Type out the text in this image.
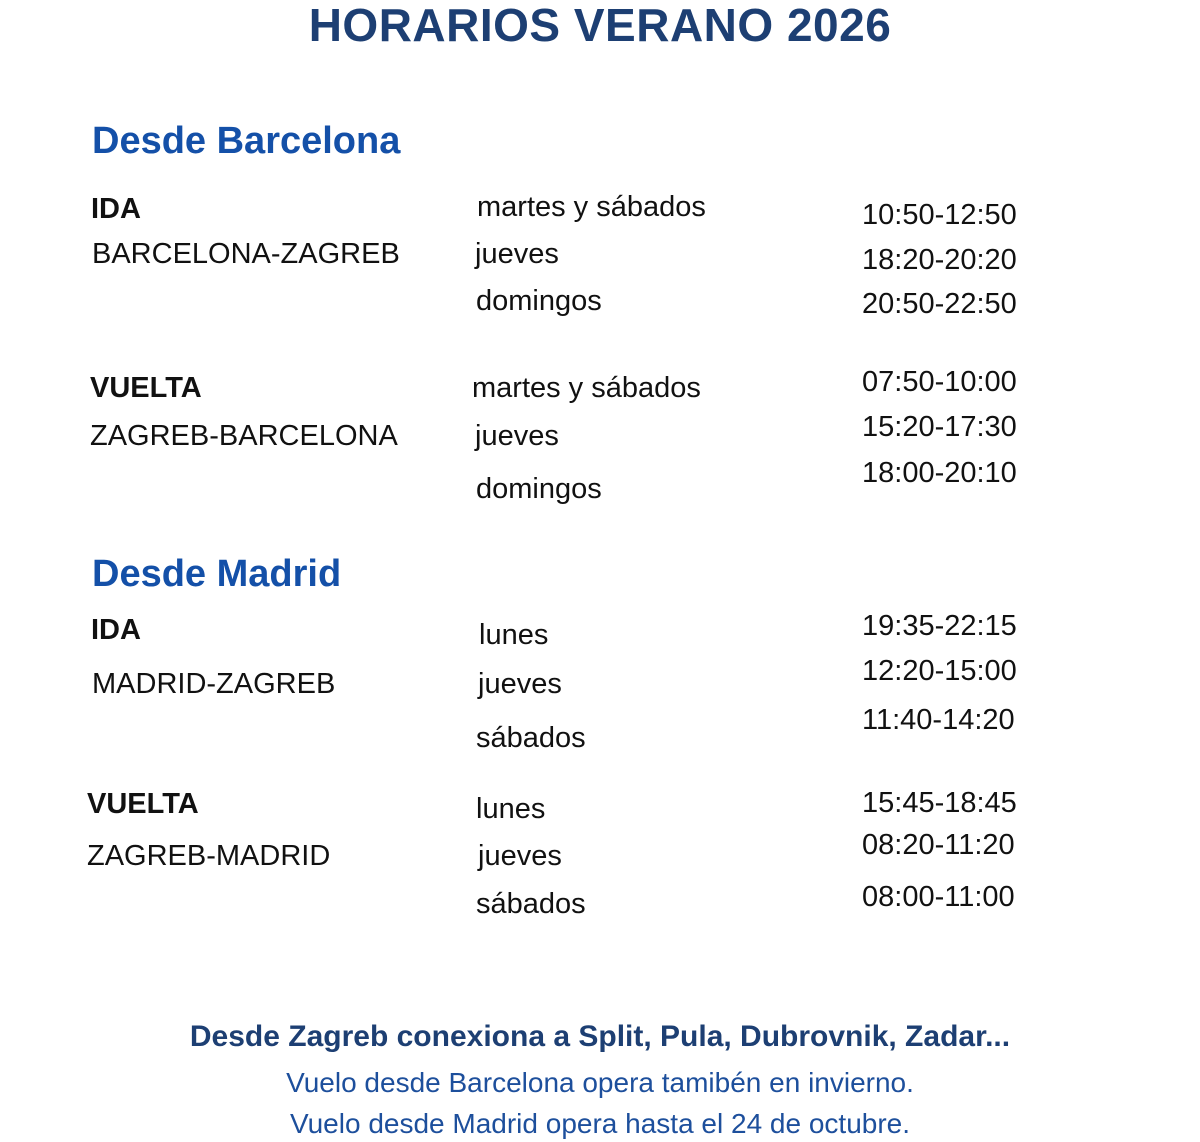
HORARIOS VERANO 2026
Desde Barcelona
IDA
BARCELONA-ZAGREB
martes y sábados
jueves
domingos
10:50-12:50
18:20-20:20
20:50-22:50
VUELTA
ZAGREB-BARCELONA
martes y sábados
jueves
domingos
07:50-10:00
15:20-17:30
18:00-20:10
Desde Madrid
IDA
MADRID-ZAGREB
lunes
jueves
sábados
19:35-22:15
12:20-15:00
11:40-14:20
VUELTA
ZAGREB-MADRID
lunes
jueves
sábados
15:45-18:45
08:20-11:20
08:00-11:00
Desde Zagreb conexiona a Split, Pula, Dubrovnik, Zadar...
Vuelo desde Barcelona opera tamibén en invierno.
Vuelo desde Madrid opera hasta el 24 de octubre.
